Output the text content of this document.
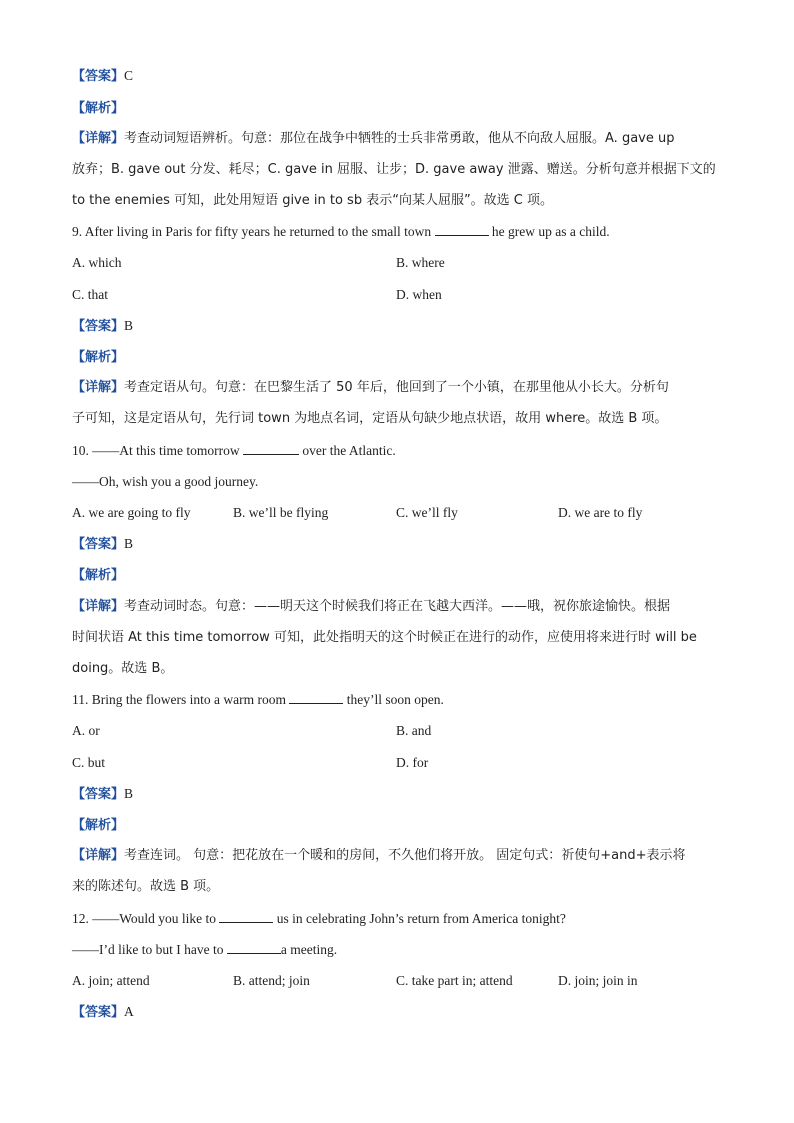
【答案】C
【解析】
【详解】考查动词短语辨析。句意：那位在战争中牺牲的士兵非常勇敢，他从不向敌人屈服。A. gave up
放弃；B. gave out 分发、耗尽；C. gave in 屈服、让步；D. gave away 泄露、赠送。分析句意并根据下文的
to the enemies 可知，此处用短语 give in to sb 表示“向某人屈服”。故选 C 项。
9. After living in Paris for fifty years he returned to the small town	he grew up as a child.
A. which	B. where
C. that	D. when
【答案】B
【解析】
【详解】考查定语从句。句意：在巴黎生活了 50 年后，他回到了一个小镇，在那里他从小长大。分析句
子可知，这是定语从句，先行词 town 为地点名词，定语从句缺少地点状语，故用 where。故选 B 项。
10. ——At this time tomorrow	over the Atlantic.
——Oh, wish you a good journey.
A. we are going to fly	B. we’ll be flying	C. we’ll fly	D. we are to fly
【答案】B
【解析】
【详解】考查动词时态。句意：——明天这个时候我们将正在飞越大西洋。——哦，祝你旅途愉快。根据
时间状语 At this time tomorrow 可知，此处指明天的这个时候正在进行的动作，应使用将来进行时 will be
doing。故选 B。
11. Bring the flowers into a warm room	they’ll soon open.
A. or	B. and
C. but	D. for
【答案】B
【解析】
【详解】考查连词。 句意：把花放在一个暖和的房间，不久他们将开放。 固定句式：祈使句+and+表示将
来的陈述句。故选 B 项。
12. ——Would you like to	us in celebrating John’s return from America tonight?
——I’d like to but I have to	a meeting.
A. join; attend	B. attend; join	C. take part in; attend	D. join; join in
【答案】A
